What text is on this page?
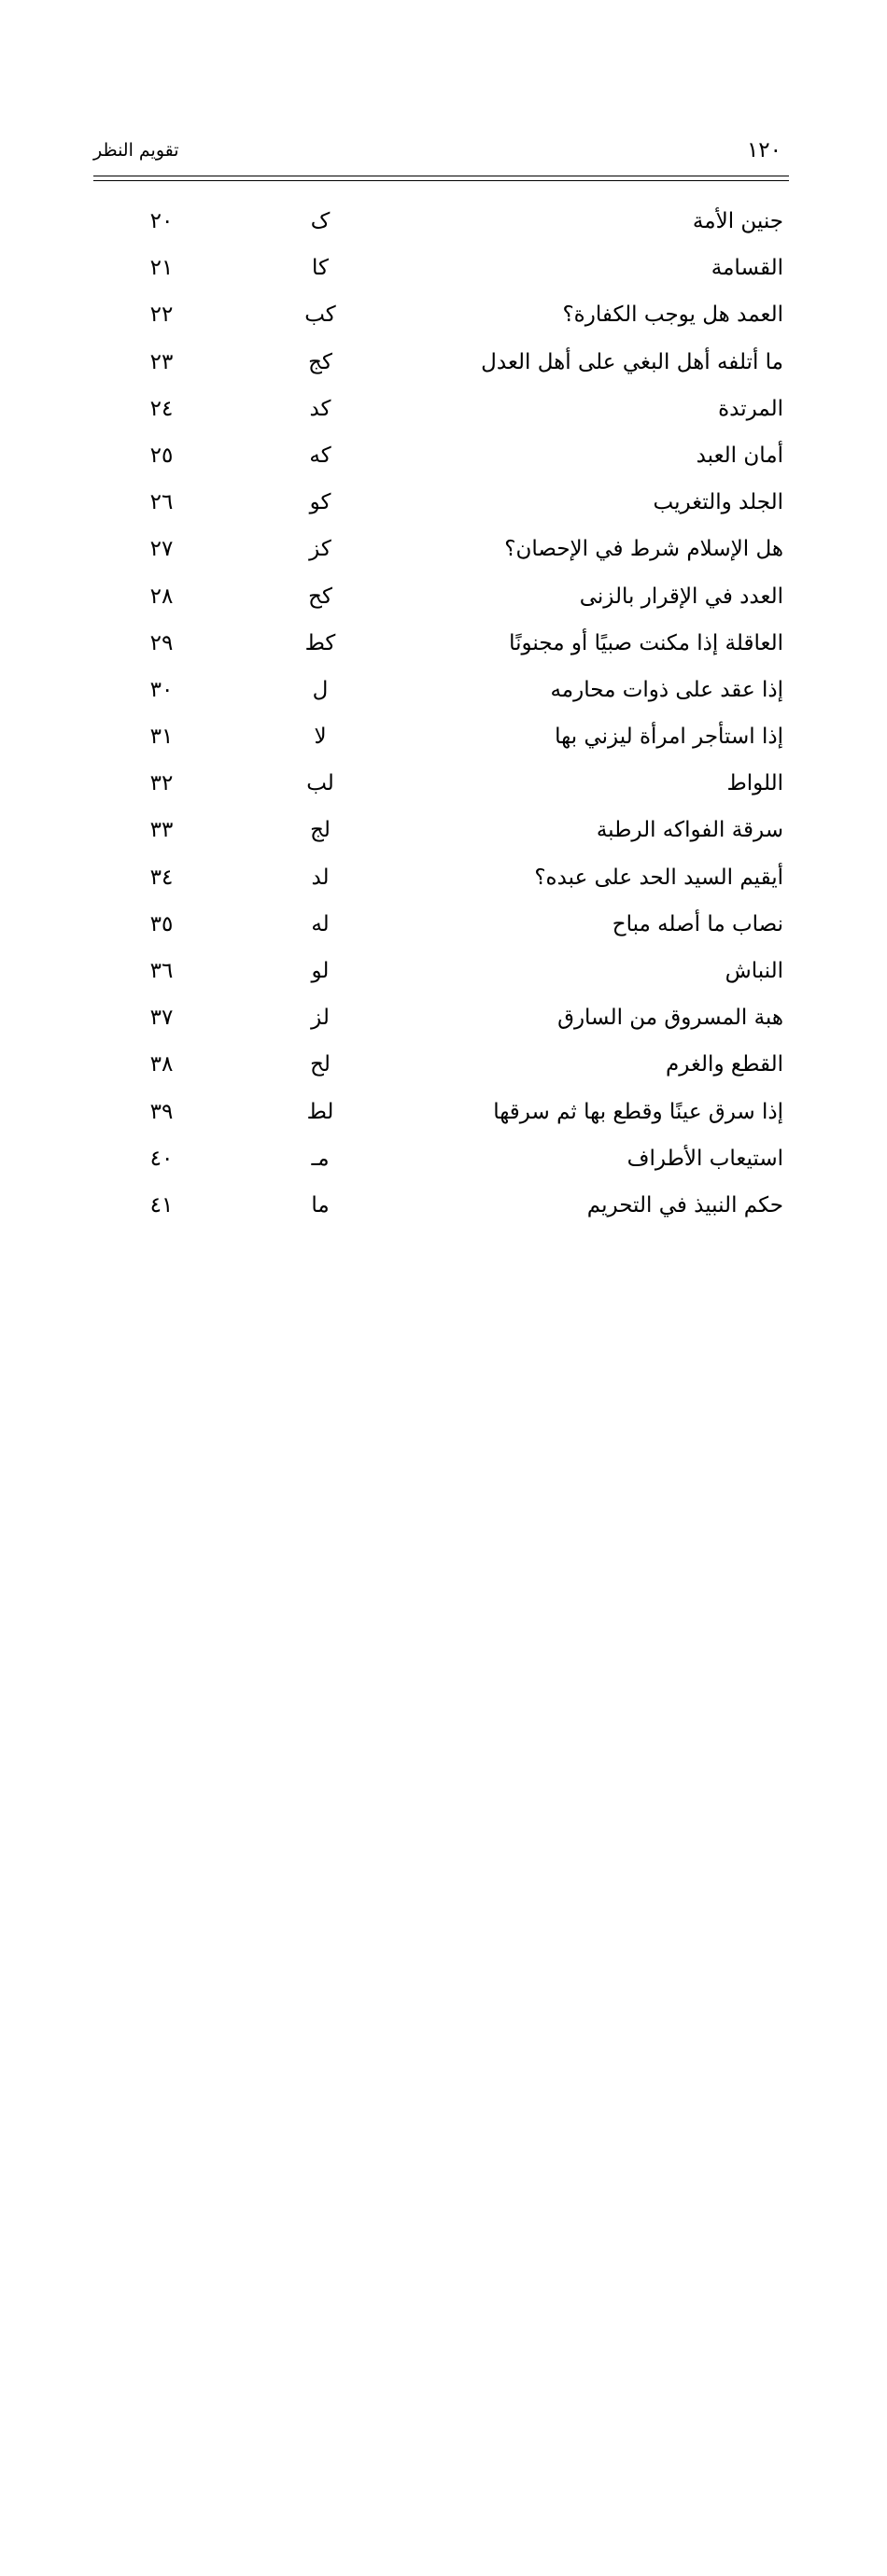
١٢٠
تقويم النظر
جنين الأمة
ک
٢٠
القسامة
كا
٢١
العمد هل يوجب الكفارة؟
كب
٢٢
ما أتلفه أهل البغي على أهل العدل
كج
٢٣
المرتدة
كد
٢٤
أمان العبد
كه
٢٥
الجلد والتغريب
كو
٢٦
هل الإسلام شرط في الإحصان؟
كز
٢٧
العدد في الإقرار بالزنى
كح
٢٨
العاقلة إذا مكنت صبيًا أو مجنونًا
كط
٢٩
إذا عقد على ذوات محارمه
ل
٣٠
إذا استأجر امرأة ليزني بها
لا
٣١
اللواط
لب
٣٢
سرقة الفواكه الرطبة
لج
٣٣
أيقيم السيد الحد على عبده؟
لد
٣٤
نصاب ما أصله مباح
له
٣٥
النباش
لو
٣٦
هبة المسروق من السارق
لز
٣٧
القطع والغرم
لح
٣٨
إذا سرق عينًا وقطع بها ثم سرقها
لط
٣٩
استيعاب الأطراف
مـ
٤٠
حكم النبيذ في التحريم
ما
٤١
